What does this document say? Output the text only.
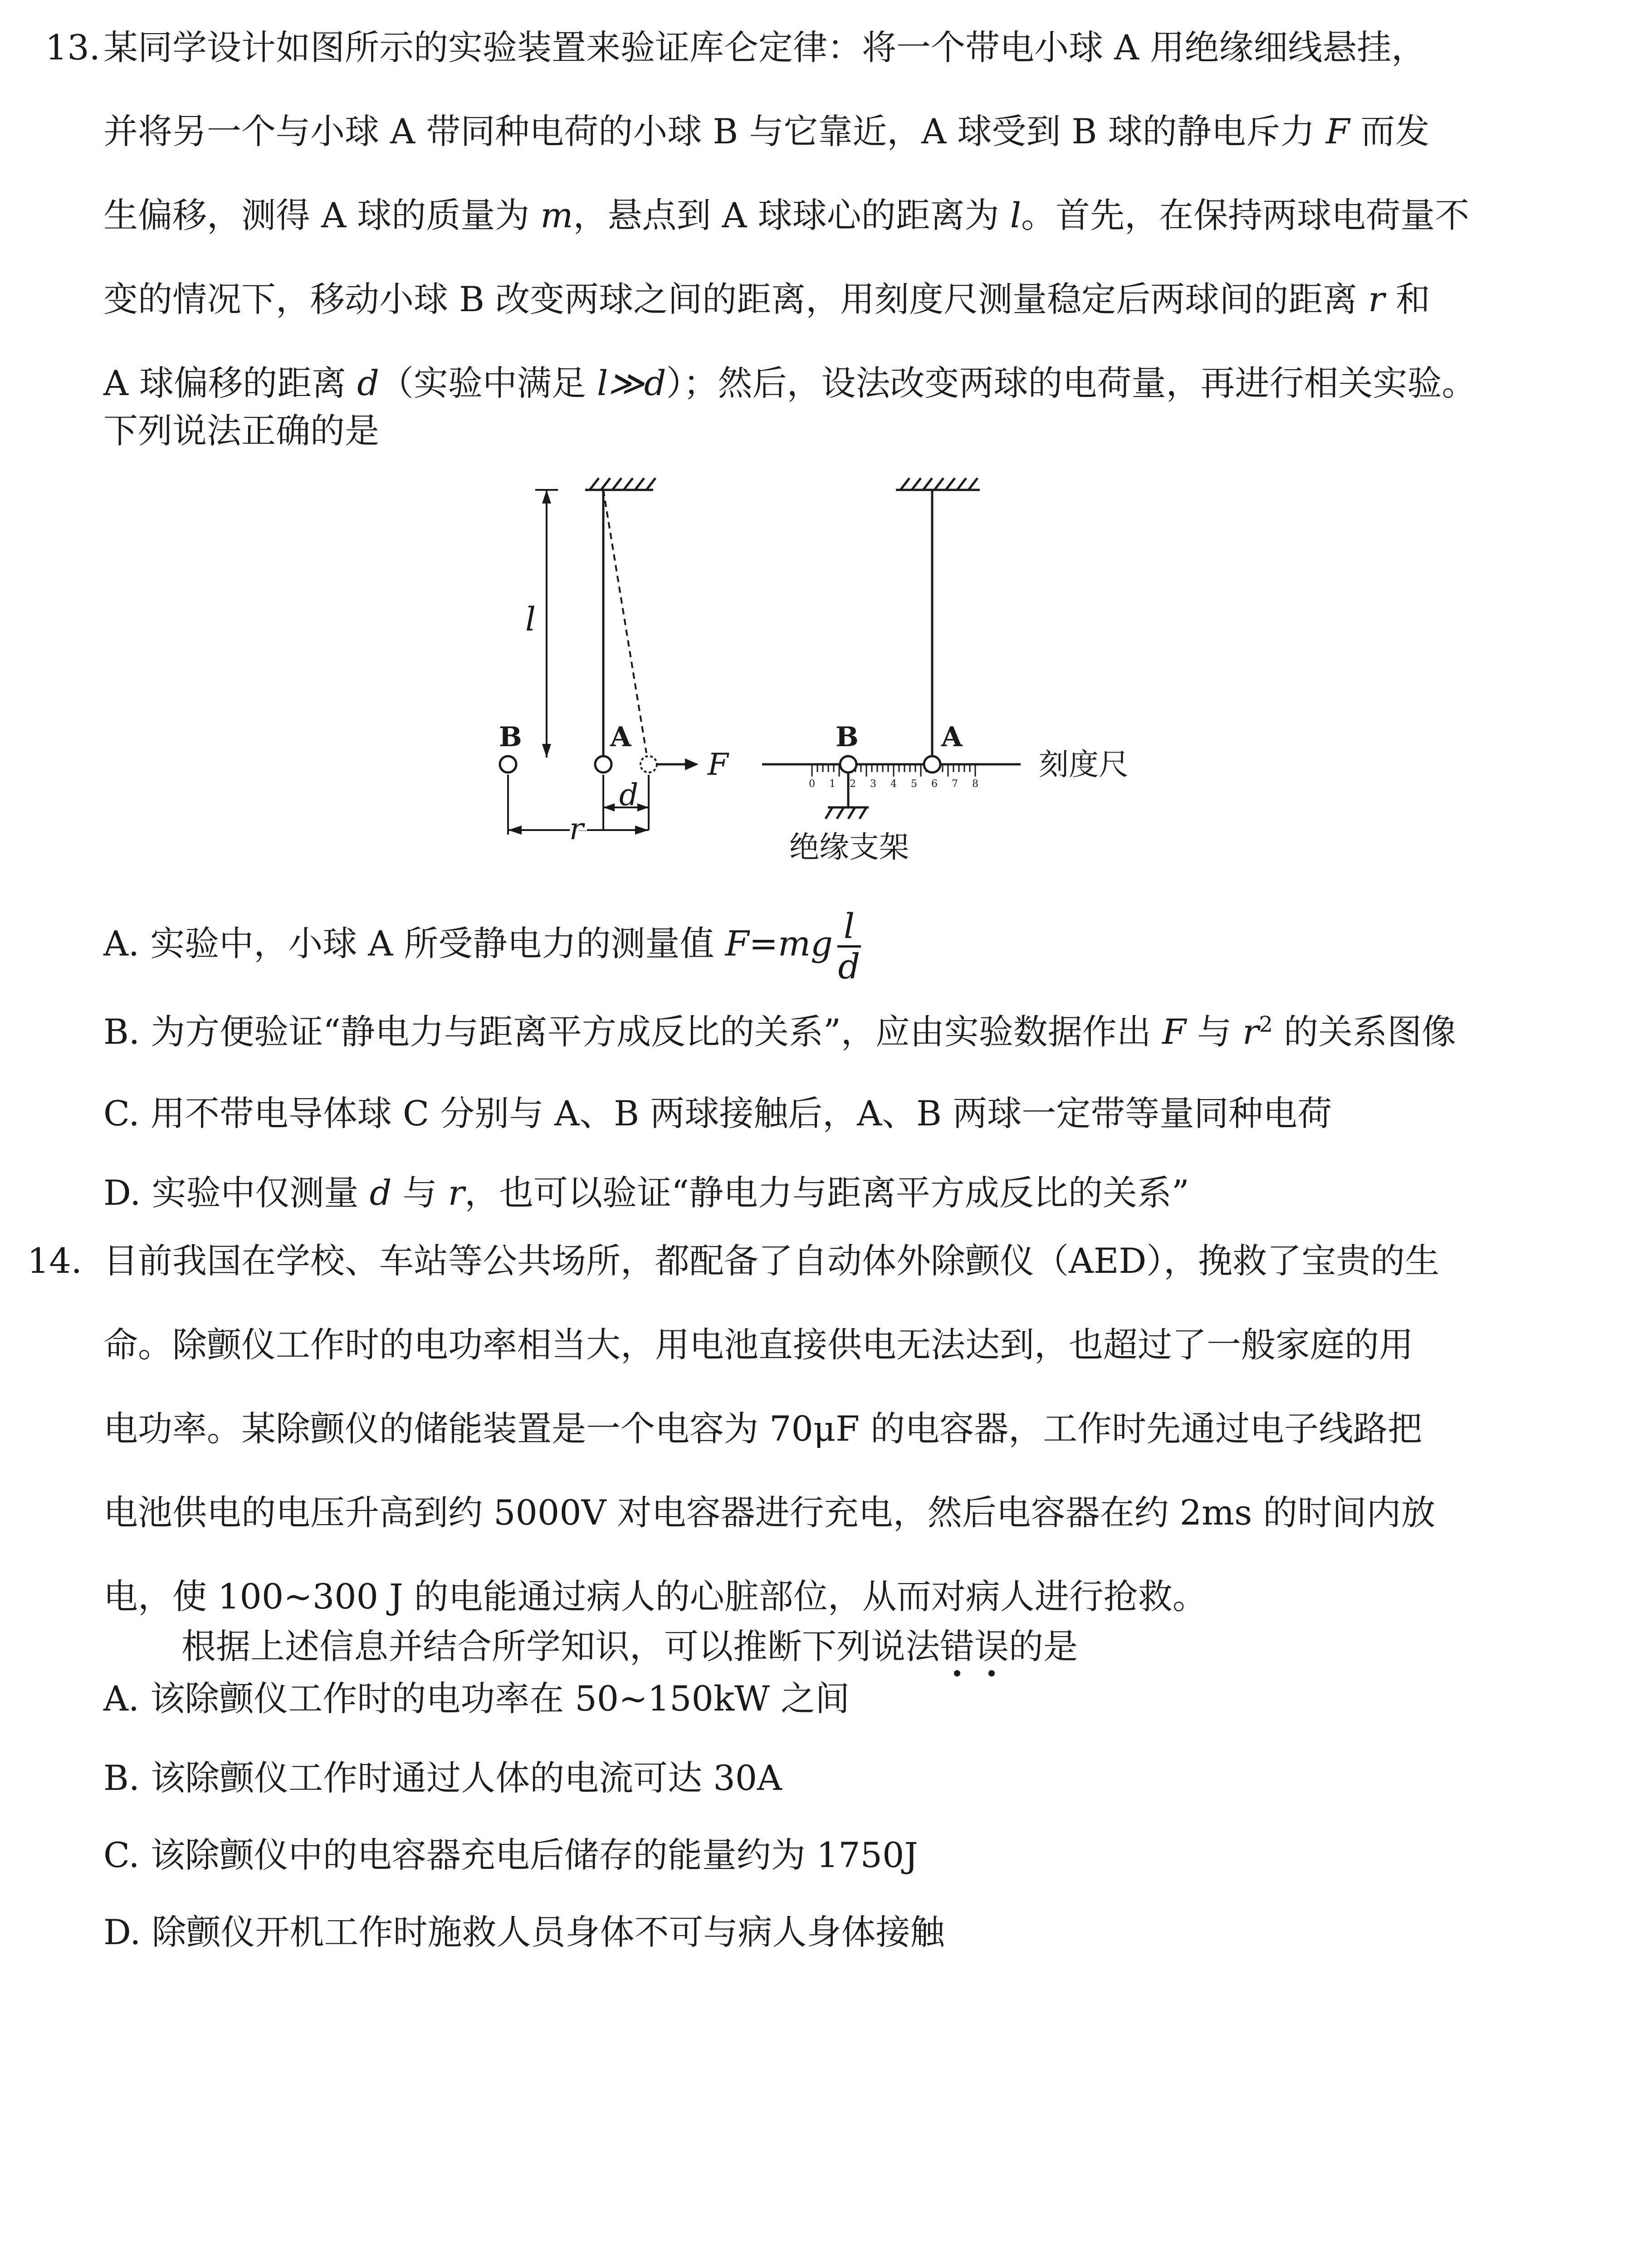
13. 某同学设计如图所示的实验装置来验证库仑定律：将一个带电小球 A 用绝缘细线悬挂，
并将另一个与小球 A 带同种电荷的小球 B 与它靠近，A 球受到 B 球的静电斥力 F 而发
生偏移，测得 A 球的质量为 m，悬点到 A 球球心的距离为 l。首先，在保持两球电荷量不
变的情况下，移动小球 B 改变两球之间的距离，用刻度尺测量稳定后两球间的距离 r 和
A 球偏移的距离 d（实验中满足 l≫d）；然后，设法改变两球的电荷量，再进行相关实验。
下列说法正确的是
l
B	A
F
d
r
0 1 2 3 4 5 6 7 8
B	A
刻度尺
绝缘支架
A. 实验中，小球 A 所受静电力的测量值 $F=mg \frac{l}{d}$
B. 为方便验证“静电力与距离平方成反比的关系”，应由实验数据作出 F 与 $r^2$ 的关系图像
C. 用不带电导体球 C 分别与 A、B 两球接触后，A、B 两球一定带等量同种电荷
D. 实验中仅测量 d 与 r，也可以验证“静电力与距离平方成反比的关系”
14. 目前我国在学校、车站等公共场所，都配备了自动体外除颤仪（AED），挽救了宝贵的生
命。除颤仪工作时的电功率相当大，用电池直接供电无法达到，也超过了一般家庭的用
电功率。某除颤仪的储能装置是一个电容为 70μF 的电容器，工作时先通过电子线路把
电池供电的电压升高到约 5000V 对电容器进行充电，然后电容器在约 2ms 的时间内放
电，使 100~300 J 的电能通过病人的心脏部位，从而对病人进行抢救。
根据上述信息并结合所学知识，可以推断下列说法错误的是
A. 该除颤仪工作时的电功率在 50~150kW 之间
B. 该除颤仪工作时通过人体的电流可达 30A
C. 该除颤仪中的电容器充电后储存的能量约为 1750J
D. 除颤仪开机工作时施救人员身体不可与病人身体接触
